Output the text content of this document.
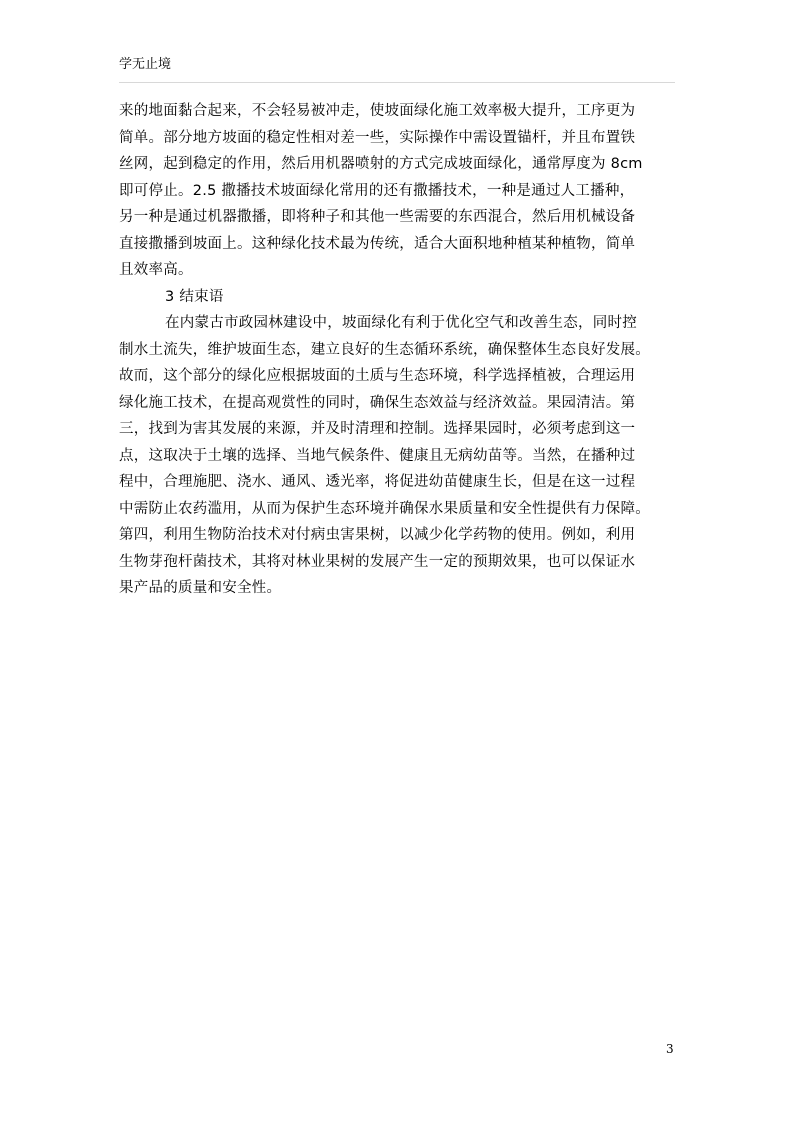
学无止境
来的地面黏合起来，不会轻易被冲走，使坡面绿化施工效率极大提升，工序更为
简单。部分地方坡面的稳定性相对差一些，实际操作中需设置锚杆，并且布置铁
丝网，起到稳定的作用，然后用机器喷射的方式完成坡面绿化，通常厚度为 8cm
即可停止。2.5 撒播技术坡面绿化常用的还有撒播技术，一种是通过人工播种，
另一种是通过机器撒播，即将种子和其他一些需要的东西混合，然后用机械设备
直接撒播到坡面上。这种绿化技术最为传统，适合大面积地种植某种植物，简单
且效率高。
3 结束语
在内蒙古市政园林建设中，坡面绿化有利于优化空气和改善生态，同时控
制水土流失，维护坡面生态，建立良好的生态循环系统，确保整体生态良好发展。
故而，这个部分的绿化应根据坡面的土质与生态环境，科学选择植被，合理运用
绿化施工技术，在提高观赏性的同时，确保生态效益与经济效益。果园清洁。第
三，找到为害其发展的来源，并及时清理和控制。选择果园时，必须考虑到这一
点，这取决于土壤的选择、当地气候条件、健康且无病幼苗等。当然，在播种过
程中，合理施肥、浇水、通风、透光率，将促进幼苗健康生长，但是在这一过程
中需防止农药滥用，从而为保护生态环境并确保水果质量和安全性提供有力保障。
第四，利用生物防治技术对付病虫害果树，以减少化学药物的使用。例如，利用
生物芽孢杆菌技术，其将对林业果树的发展产生一定的预期效果，也可以保证水
果产品的质量和安全性。
3
